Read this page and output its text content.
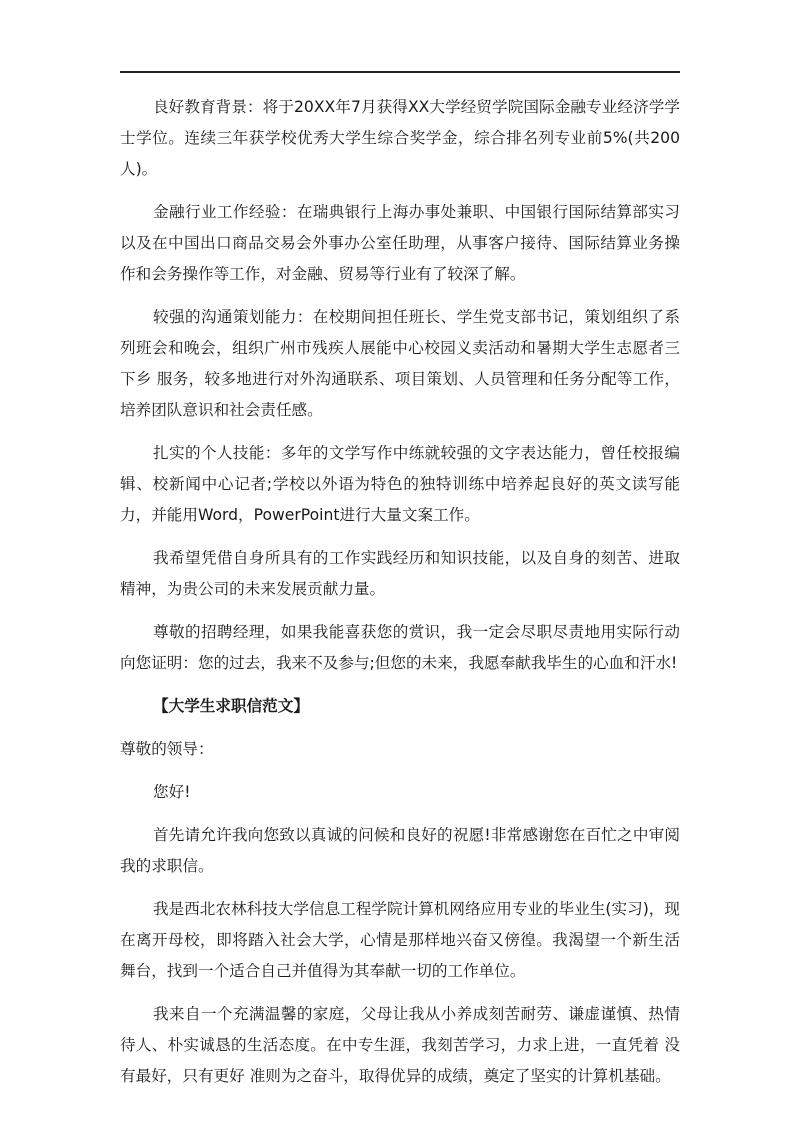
良好教育背景：将于20XX年7月获得XX大学经贸学院国际金融专业经济学学士学位。连续三年获学校优秀大学生综合奖学金，综合排名列专业前5%(共200人)。

金融行业工作经验：在瑞典银行上海办事处兼职、中国银行国际结算部实习以及在中国出口商品交易会外事办公室任助理，从事客户接待、国际结算业务操作和会务操作等工作，对金融、贸易等行业有了较深了解。

较强的沟通策划能力：在校期间担任班长、学生党支部书记，策划组织了系列班会和晚会，组织广州市残疾人展能中心校园义卖活动和暑期大学生志愿者三下乡 服务，较多地进行对外沟通联系、项目策划、人员管理和任务分配等工作，培养团队意识和社会责任感。

扎实的个人技能：多年的文学写作中练就较强的文字表达能力，曾任校报编辑、校新闻中心记者;学校以外语为特色的独特训练中培养起良好的英文读写能力，并能用Word，PowerPoint进行大量文案工作。

我希望凭借自身所具有的工作实践经历和知识技能，以及自身的刻苦、进取精神，为贵公司的未来发展贡献力量。

尊敬的招聘经理，如果我能喜获您的赏识，我一定会尽职尽责地用实际行动向您证明：您的过去，我来不及参与;但您的未来，我愿奉献我毕生的心血和汗水!

【大学生求职信范文】

尊敬的领导：

您好!

首先请允许我向您致以真诚的问候和良好的祝愿!非常感谢您在百忙之中审阅我的求职信。

我是西北农林科技大学信息工程学院计算机网络应用专业的毕业生(实习)，现在离开母校，即将踏入社会大学，心情是那样地兴奋又傍徨。我渴望一个新生活舞台，找到一个适合自己并值得为其奉献一切的工作单位。

我来自一个充满温馨的家庭，父母让我从小养成刻苦耐劳、谦虚谨慎、热情待人、朴实诚恳的生活态度。在中专生涯，我刻苦学习，力求上进，一直凭着 没有最好，只有更好 准则为之奋斗，取得优异的成绩，奠定了坚实的计算机基础。
